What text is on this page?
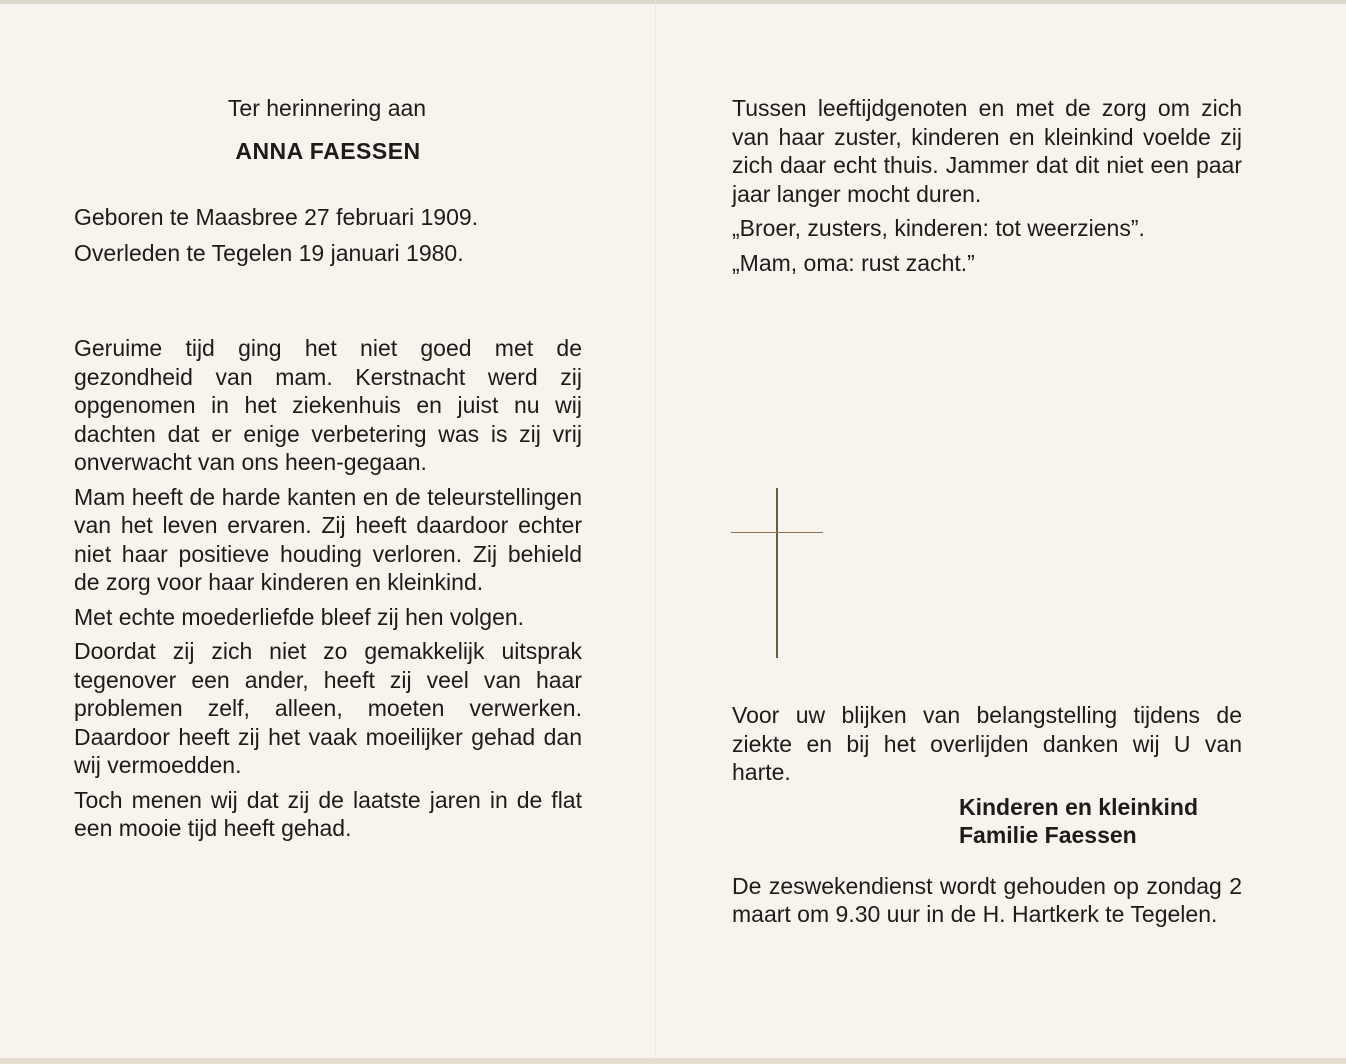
Ter herinnering aan

ANNA FAESSEN

Geboren te Maasbree 27 februari 1909.

Overleden te Tegelen 19 januari 1980.

Geruime tijd ging het niet goed met de gezondheid van mam. Kerstnacht werd zij opgenomen in het ziekenhuis en juist nu wij dachten dat er enige verbetering was is zij vrij onverwacht van ons heen-gegaan.

Mam heeft de harde kanten en de teleurstellingen van het leven ervaren. Zij heeft daardoor echter niet haar positieve houding verloren. Zij behield de zorg voor haar kinderen en kleinkind.

Met echte moederliefde bleef zij hen volgen.

Doordat zij zich niet zo gemakkelijk uitsprak tegenover een ander, heeft zij veel van haar problemen zelf, alleen, moeten verwerken. Daardoor heeft zij het vaak moeilijker gehad dan wij vermoedden.

Toch menen wij dat zij de laatste jaren in de flat een mooie tijd heeft gehad.

Tussen leeftijdgenoten en met de zorg om zich van haar zuster, kinderen en kleinkind voelde zij zich daar echt thuis. Jammer dat dit niet een paar jaar langer mocht duren.

„Broer, zusters, kinderen: tot weerziens”.

„Mam, oma: rust zacht.”

Voor uw blijken van belangstelling tijdens de ziekte en bij het overlijden danken wij U van harte.

Kinderen en kleinkind

Familie Faessen

De zeswekendienst wordt gehouden op zondag 2 maart om 9.30 uur in de H. Hartkerk te Tegelen.
